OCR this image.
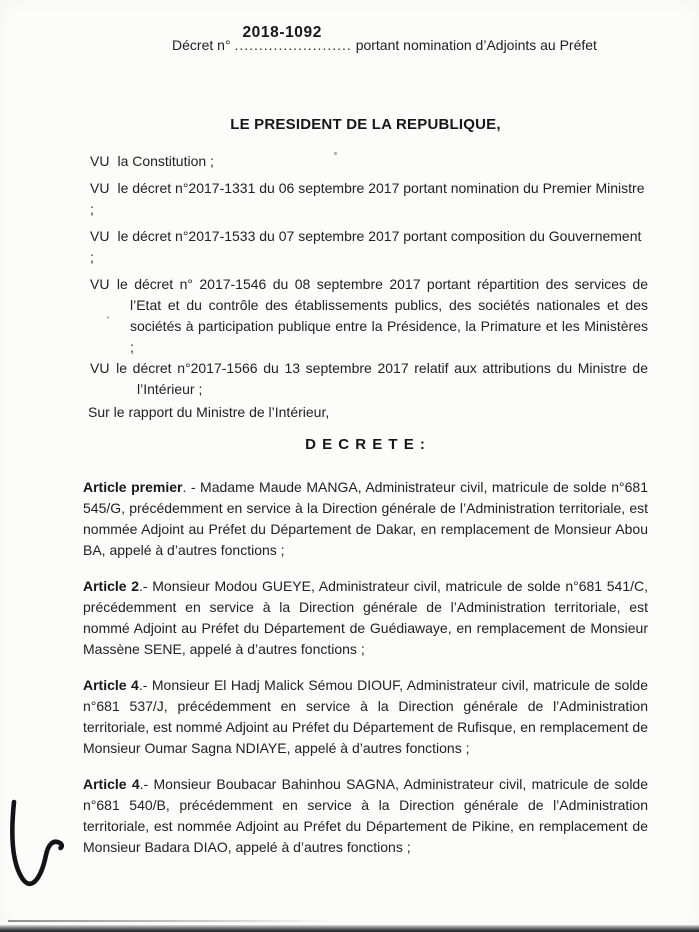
Décret n°
2018-1092
........................ portant nomination d’Adjoints au Préfet
LE PRESIDENT DE LA REPUBLIQUE,
VU la Constitution ;
VU le décret n°2017-1331 du 06 septembre 2017 portant nomination du Premier Ministre ;
VU le décret n°2017-1533 du 07 septembre 2017 portant composition du Gouvernement ;
VU le décret n° 2017-1546 du 08 septembre 2017 portant répartition des services de l’Etat et du contrôle des établissements publics, des sociétés nationales et des sociétés à participation publique entre la Présidence, la Primature et les Ministères ;
VU le décret n°2017-1566 du 13 septembre 2017 relatif aux attributions du Ministre de l’Intérieur ;
Sur le rapport du Ministre de l’Intérieur,
D E C R E T E :

Article premier. - Madame Maude MANGA, Administrateur civil, matricule de solde n°681 545/G, précédemment en service à la Direction générale de l’Administration territoriale, est nommée Adjoint au Préfet du Département de Dakar, en remplacement de Monsieur Abou BA, appelé à d’autres fonctions ;

Article 2.- Monsieur Modou GUEYE, Administrateur civil, matricule de solde n°681 541/C, précédemment en service à la Direction générale de l’Administration territoriale, est nommé Adjoint au Préfet du Département de Guédiawaye, en remplacement de Monsieur Massène SENE, appelé à d’autres fonctions ;

Article 4.- Monsieur El Hadj Malick Sémou DIOUF, Administrateur civil, matricule de solde n°681 537/J, précédemment en service à la Direction générale de l’Administration territoriale, est nommé Adjoint au Préfet du Département de Rufisque, en remplacement de Monsieur Oumar Sagna NDIAYE, appelé à d’autres fonctions ;

Article 4.- Monsieur Boubacar Bahinhou SAGNA, Administrateur civil, matricule de solde n°681 540/B, précédemment en service à la Direction générale de l’Administration territoriale, est nommée Adjoint au Préfet du Département de Pikine, en remplacement de Monsieur Badara DIAO, appelé à d’autres fonctions ;
